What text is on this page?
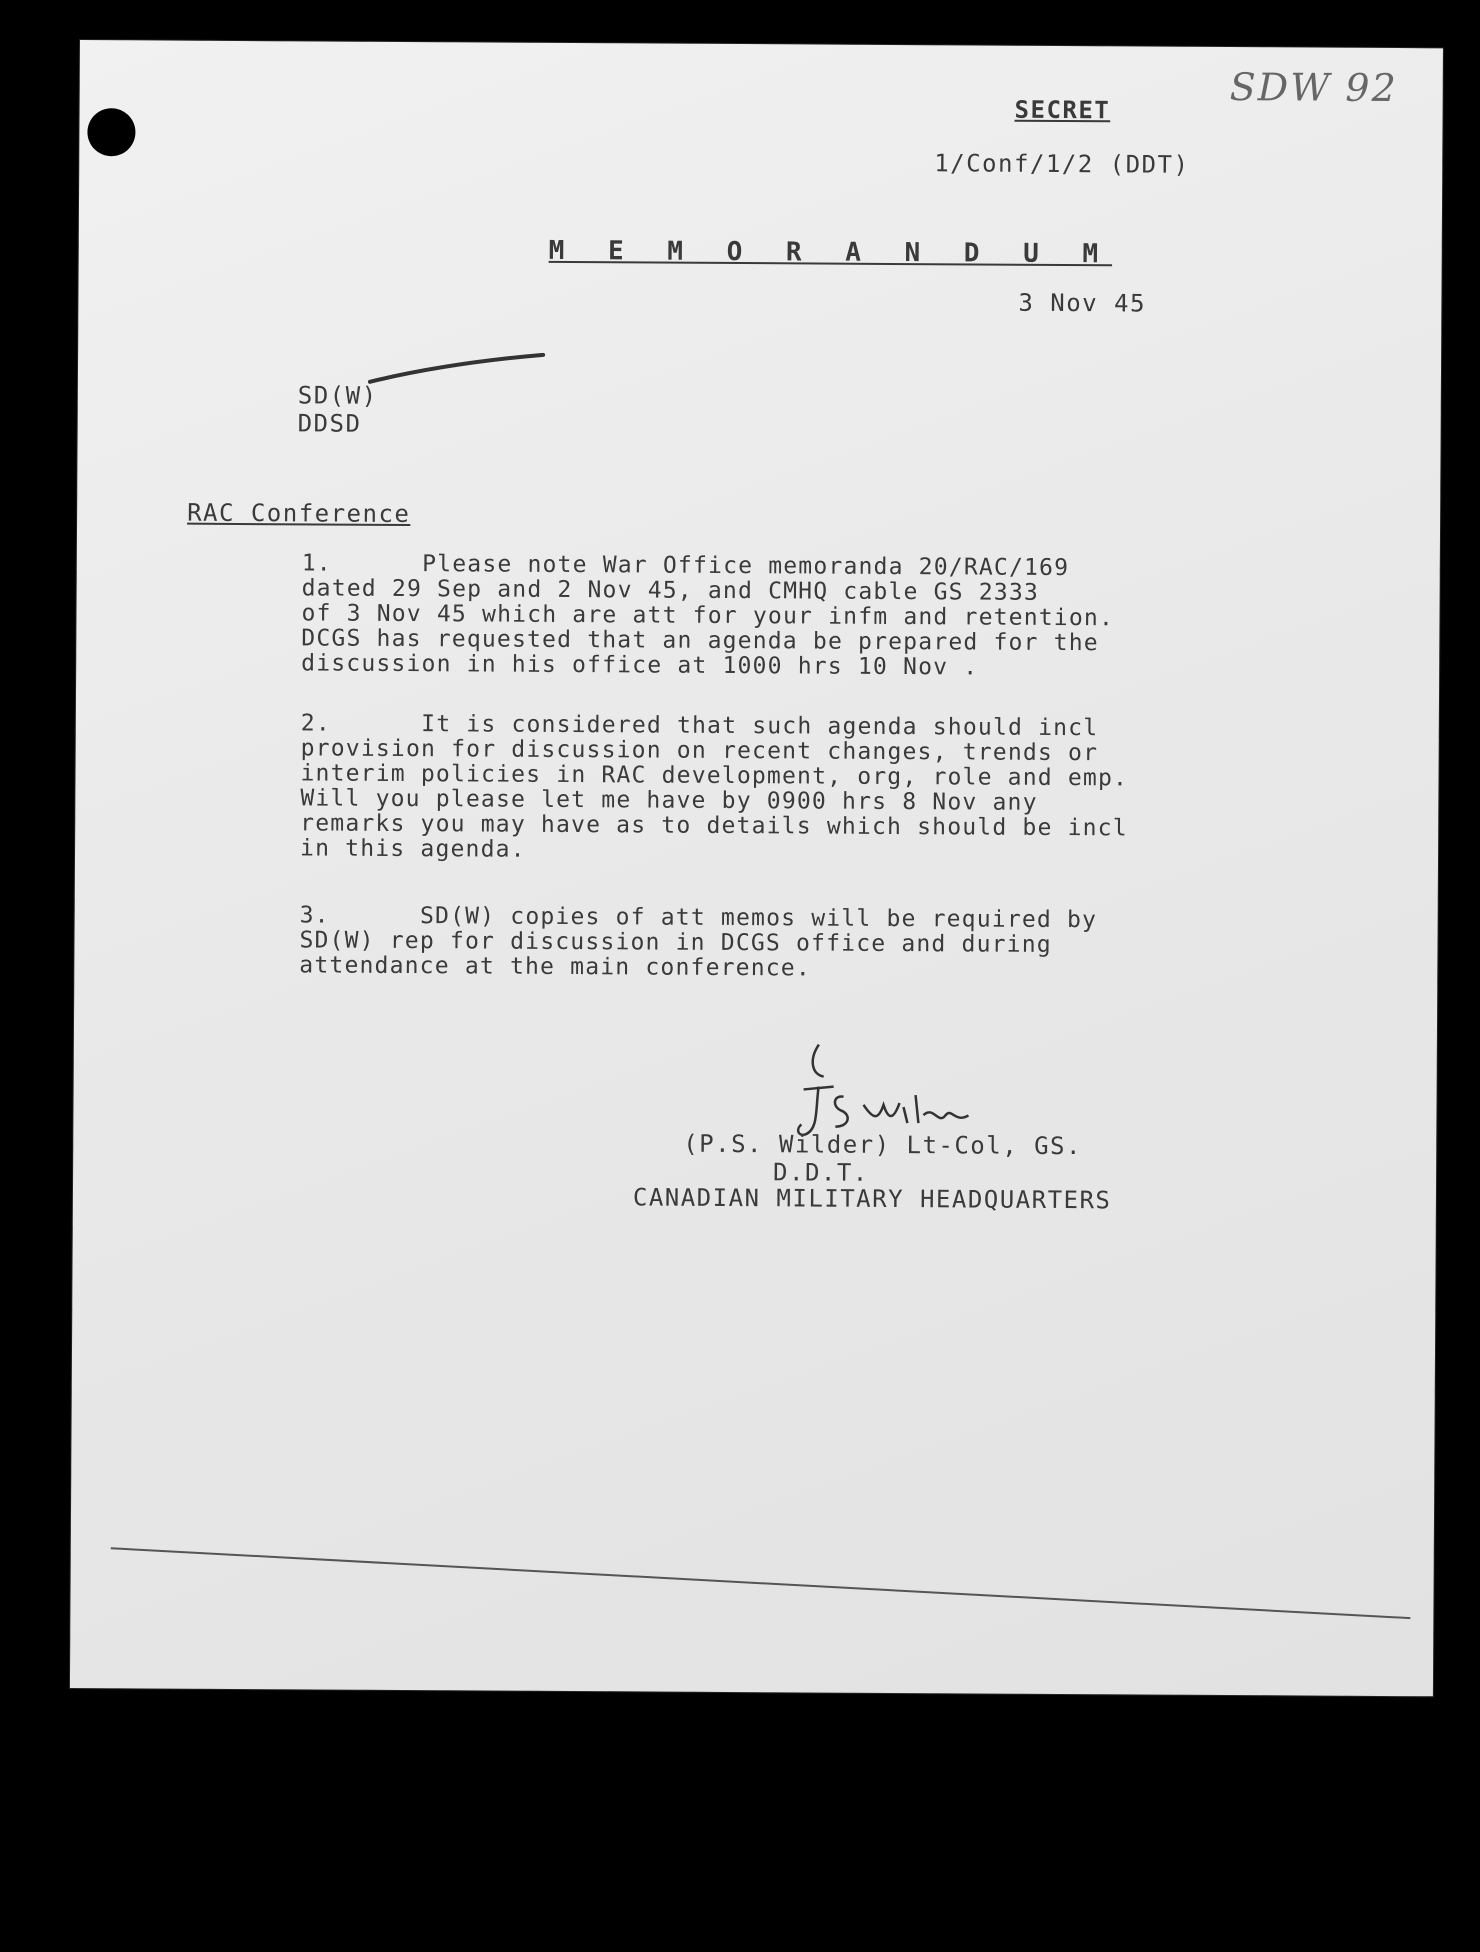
SDW 92
SECRET
1/Conf/1/2 (DDT)
M E M O R A N D U M
3 Nov 45
SD(W)
DDSD
RAC Conference
1.      Please note War Office memoranda 20/RAC/169
dated 29 Sep and 2 Nov 45, and CMHQ cable GS 2333
of 3 Nov 45 which are att for your infm and retention.
DCGS has requested that an agenda be prepared for the
discussion in his office at 1000 hrs 10 Nov .
2.      It is considered that such agenda should incl
provision for discussion on recent changes, trends or
interim policies in RAC development, org, role and emp.
Will you please let me have by 0900 hrs 8 Nov any
remarks you may have as to details which should be incl
in this agenda.
3.      SD(W) copies of att memos will be required by
SD(W) rep for discussion in DCGS office and during
attendance at the main conference.
(P.S. Wilder) Lt-Col, GS.
D.D.T.
CANADIAN MILITARY HEADQUARTERS
